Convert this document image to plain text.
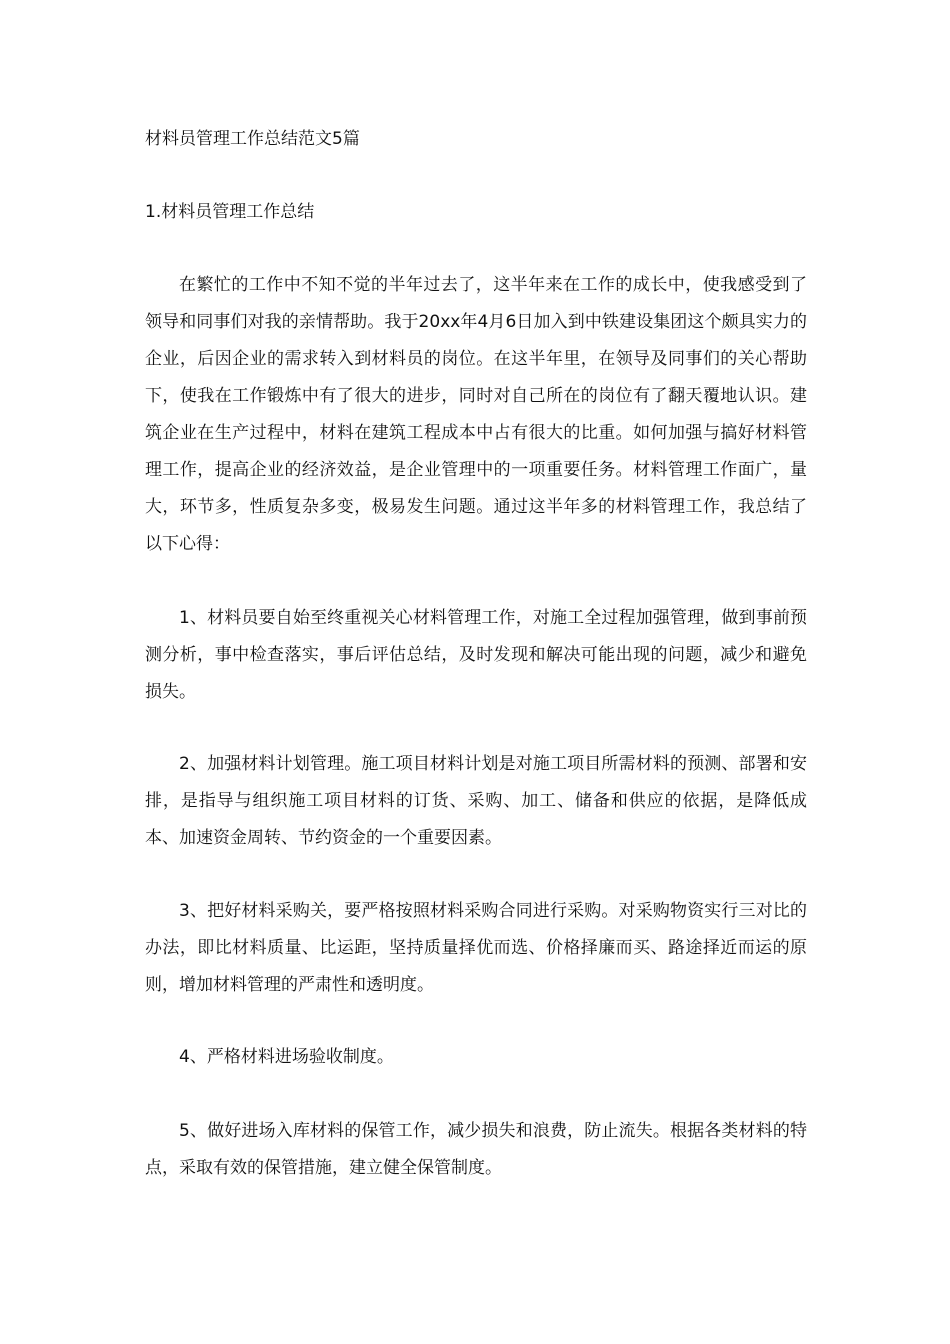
材料员管理工作总结范文5篇
1.材料员管理工作总结

在繁忙的工作中不知不觉的半年过去了，这半年来在工作的成长中，使我感受到了领导和同事们对我的亲情帮助。我于20xx年4月6日加入到中铁建设集团这个颇具实力的企业，后因企业的需求转入到材料员的岗位。在这半年里，在领导及同事们的关心帮助下，使我在工作锻炼中有了很大的进步，同时对自己所在的岗位有了翻天覆地认识。建筑企业在生产过程中，材料在建筑工程成本中占有很大的比重。如何加强与搞好材料管理工作，提高企业的经济效益，是企业管理中的一项重要任务。材料管理工作面广，量大，环节多，性质复杂多变，极易发生问题。通过这半年多的材料管理工作，我总结了以下心得：

1、材料员要自始至终重视关心材料管理工作，对施工全过程加强管理，做到事前预测分析，事中检查落实，事后评估总结，及时发现和解决可能出现的问题，减少和避免损失。

2、加强材料计划管理。施工项目材料计划是对施工项目所需材料的预测、部署和安排，是指导与组织施工项目材料的订货、采购、加工、储备和供应的依据，是降低成本、加速资金周转、节约资金的一个重要因素。

3、把好材料采购关，要严格按照材料采购合同进行采购。对采购物资实行三对比的办法，即比材料质量、比运距，坚持质量择优而选、价格择廉而买、路途择近而运的原则，增加材料管理的严肃性和透明度。

4、严格材料进场验收制度。

5、做好进场入库材料的保管工作，减少损失和浪费，防止流失。根据各类材料的特点，采取有效的保管措施，建立健全保管制度。
